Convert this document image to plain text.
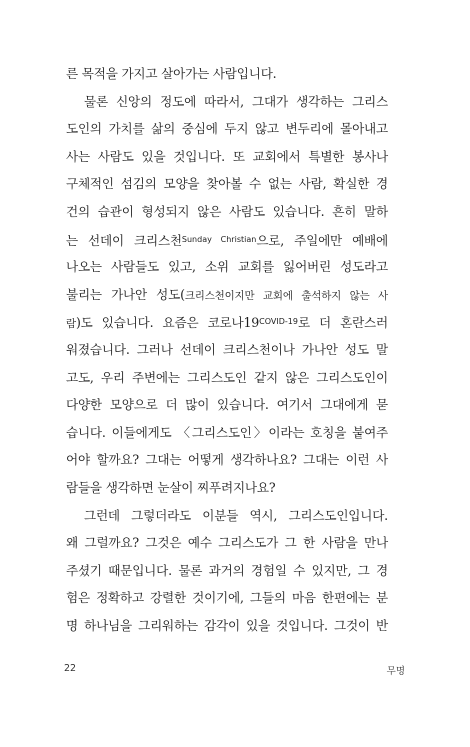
른 목적을 가지고 살아가는 사람입니다.
물론 신앙의 정도에 따라서, 그대가 생각하는 그리스
도인의 가치를 삶의 중심에 두지 않고 변두리에 몰아내고
사는 사람도 있을 것입니다. 또 교회에서 특별한 봉사나
구체적인 섬김의 모양을 찾아볼 수 없는 사람, 확실한 경
건의 습관이 형성되지 않은 사람도 있습니다. 흔히 말하
는 선데이 크리스천$^{Sunday Christian}$으로, 주일에만 예배에
나오는 사람들도 있고, 소위 교회를 잃어버린 성도라고
불리는 가나안 성도(크리스천이지만 교회에 출석하지 않는 사
람)도 있습니다. 요즘은 코로나$19^{COVID-19}$로 더 혼란스러
워졌습니다. 그러나 선데이 크리스천이나 가나안 성도 말
고도, 우리 주변에는 그리스도인 같지 않은 그리스도인이
다양한 모양으로 더 많이 있습니다. 여기서 그대에게 묻
습니다. 이들에게도 〈그리스도인〉이라는 호칭을 붙여주
어야 할까요? 그대는 어떻게 생각하나요? 그대는 이런 사
람들을 생각하면 눈살이 찌푸려지나요?
그런데 그렇더라도 이분들 역시, 그리스도인입니다.
왜 그럴까요? 그것은 예수 그리스도가 그 한 사람을 만나
주셨기 때문입니다. 물론 과거의 경험일 수 있지만, 그 경
험은 정확하고 강렬한 것이기에, 그들의 마음 한편에는 분
명 하나님을 그리워하는 감각이 있을 것입니다. 그것이 반
22	무명
